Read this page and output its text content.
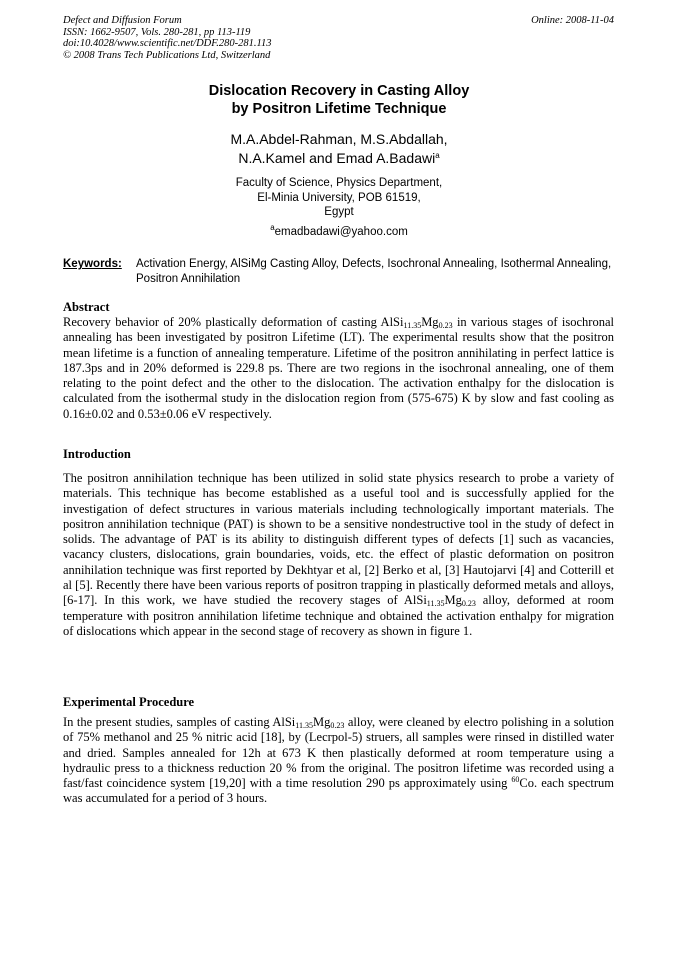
Defect and Diffusion Forum
ISSN: 1662-9507, Vols. 280-281, pp 113-119
doi:10.4028/www.scientific.net/DDF.280-281.113
© 2008 Trans Tech Publications Ltd, Switzerland
Online: 2008-11-04
Dislocation Recovery in Casting Alloy
by Positron Lifetime Technique
M.A.Abdel-Rahman, M.S.Abdallah,
N.A.Kamel and Emad A.Badawi$^a$
Faculty of Science, Physics Department,
El-Minia University, POB 61519,
Egypt
$^a$emadbadawi@yahoo.com
Keywords: Activation Energy, AlSiMg Casting Alloy, Defects, Isochronal Annealing, Isothermal Annealing, Positron Annihilation
Abstract

Recovery behavior of 20% plastically deformation of casting $AlSi_{11.35}Mg_{0.23}$ in various stages of isochronal annealing has been investigated by positron Lifetime (LT). The experimental results show that the positron mean lifetime is a function of annealing temperature. Lifetime of the positron annihilating in perfect lattice is 187.3ps and in 20% deformed is 229.8 ps. There are two regions in the isochronal annealing, one of them relating to the point defect and the other to the dislocation. The activation enthalpy for the dislocation is calculated from the isothermal study in the dislocation region from (575-675) K by slow and fast cooling as 0.16±0.02 and 0.53±0.06 eV respectively.

Introduction

The positron annihilation technique has been utilized in solid state physics research to probe a variety of materials. This technique has become established as a useful tool and is successfully applied for the investigation of defect structures in various materials including technologically important materials. The positron annihilation technique (PAT) is shown to be a sensitive nondestructive tool in the study of defect in solids. The advantage of PAT is its ability to distinguish different types of defects [1] such as vacancies, vacancy clusters, dislocations, grain boundaries, voids, etc. the effect of plastic deformation on positron annihilation technique was first reported by Dekhtyar et al, [2] Berko et al, [3] Hautojarvi [4] and Cotterill et al [5]. Recently there have been various reports of positron trapping in plastically deformed metals and alloys, [6-17]. In this work, we have studied the recovery stages of $AlSi_{11.35}Mg_{0.23}$ alloy, deformed at room temperature with positron annihilation lifetime technique and obtained the activation enthalpy for migration of dislocations which appear in the second stage of recovery as shown in figure 1.

Experimental Procedure

In the present studies, samples of casting $AlSi_{11.35}Mg_{0.23}$ alloy, were cleaned by electro polishing in a solution of 75% methanol and 25 % nitric acid [18], by (Lecrpol-5) struers, all samples were rinsed in distilled water and dried. Samples annealed for 12h at 673 K then plastically deformed at room temperature using a hydraulic press to a thickness reduction 20 % from the original. The positron lifetime was recorded using a fast/fast coincidence system [19,20] with a time resolution 290 ps approximately using $^{60}$Co. each spectrum was accumulated for a period of 3 hours.
